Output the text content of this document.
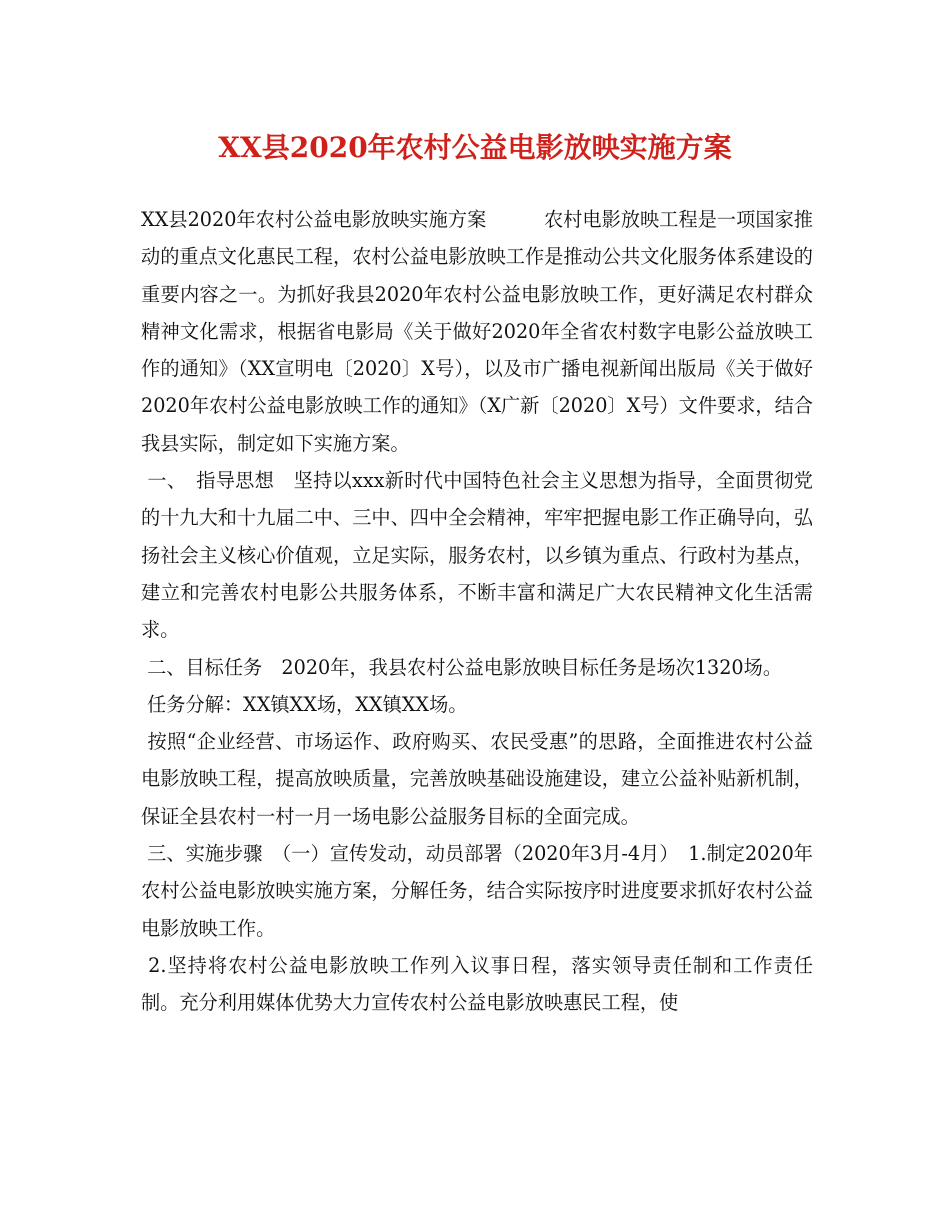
XX县2020年农村公益电影放映实施方案

XX县2020年农村公益电影放映实施方案　　　农村电影放映工程是一项国家推动的重点文化惠民工程，农村公益电影放映工作是推动公共文化服务体系建设的重要内容之一。为抓好我县2020年农村公益电影放映工作，更好满足农村群众精神文化需求，根据省电影局《关于做好2020年全省农村数字电影公益放映工作的通知》（XX宣明电〔2020〕X号），以及市广播电视新闻出版局《关于做好2020年农村公益电影放映工作的通知》（X广新〔2020〕X号）文件要求，结合我县实际，制定如下实施方案。

一、　指导思想　坚持以xxx新时代中国特色社会主义思想为指导，全面贯彻党的十九大和十九届二中、三中、四中全会精神，牢牢把握电影工作正确导向，弘扬社会主义核心价值观，立足实际，服务农村，以乡镇为重点、行政村为基点，建立和完善农村电影公共服务体系，不断丰富和满足广大农民精神文化生活需求。

二、目标任务　2020年，我县农村公益电影放映目标任务是场次1320场。

任务分解：XX镇XX场，XX镇XX场。

按照“企业经营、市场运作、政府购买、农民受惠”的思路，全面推进农村公益电影放映工程，提高放映质量，完善放映基础设施建设，建立公益补贴新机制，保证全县农村一村一月一场电影公益服务目标的全面完成。

三、实施步骤　（一）宣传发动，动员部署（2020年3月-4月）　1.制定2020年农村公益电影放映实施方案，分解任务，结合实际按序时进度要求抓好农村公益电影放映工作。

2.坚持将农村公益电影放映工作列入议事日程，落实领导责任制和工作责任制。充分利用媒体优势大力宣传农村公益电影放映惠民工程，使
